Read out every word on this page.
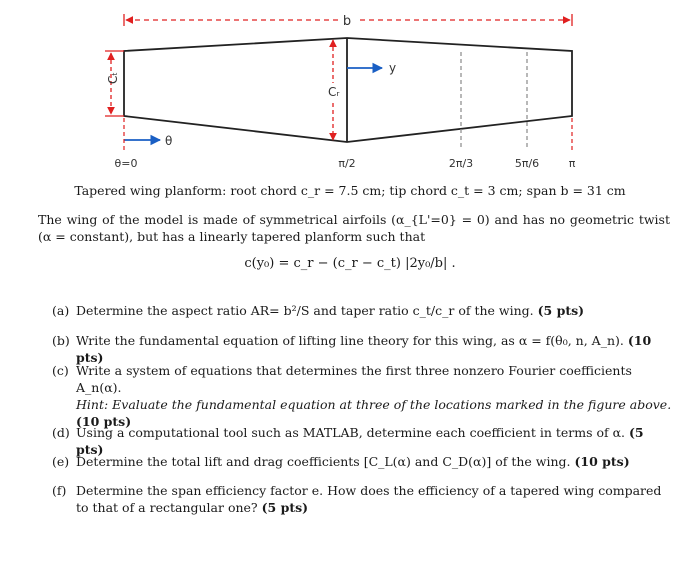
b
Cₜ
Cᵣ
y
θ
θ=0	π/2	2π/3	5π/6	π
Tapered wing planform: root chord c_r = 7.5 cm; tip chord c_t = 3 cm; span b = 31 cm
The wing of the model is made of symmetrical airfoils (α_{L'=0} = 0) and has no geometric twist (α = constant), but has a linearly tapered planform such that
c(y₀) = c_r − (c_r − c_t) |2y₀/b| .
(a) Determine the aspect ratio AR= b²/S and taper ratio c_t/c_r of the wing. (5 pts)
(b) Write the fundamental equation of lifting line theory for this wing, as α = f(θ₀, n, A_n). (10 pts)
(c) Write a system of equations that determines the first three nonzero Fourier coefficients A_n(α).
Hint: Evaluate the fundamental equation at three of the locations marked in the figure above.
(10 pts)
(d) Using a computational tool such as MATLAB, determine each coefficient in terms of α. (5 pts)
(e) Determine the total lift and drag coefficients [C_L(α) and C_D(α)] of the wing. (10 pts)
(f) Determine the span efficiency factor e. How does the efficiency of a tapered wing compared to that of a rectangular one? (5 pts)
